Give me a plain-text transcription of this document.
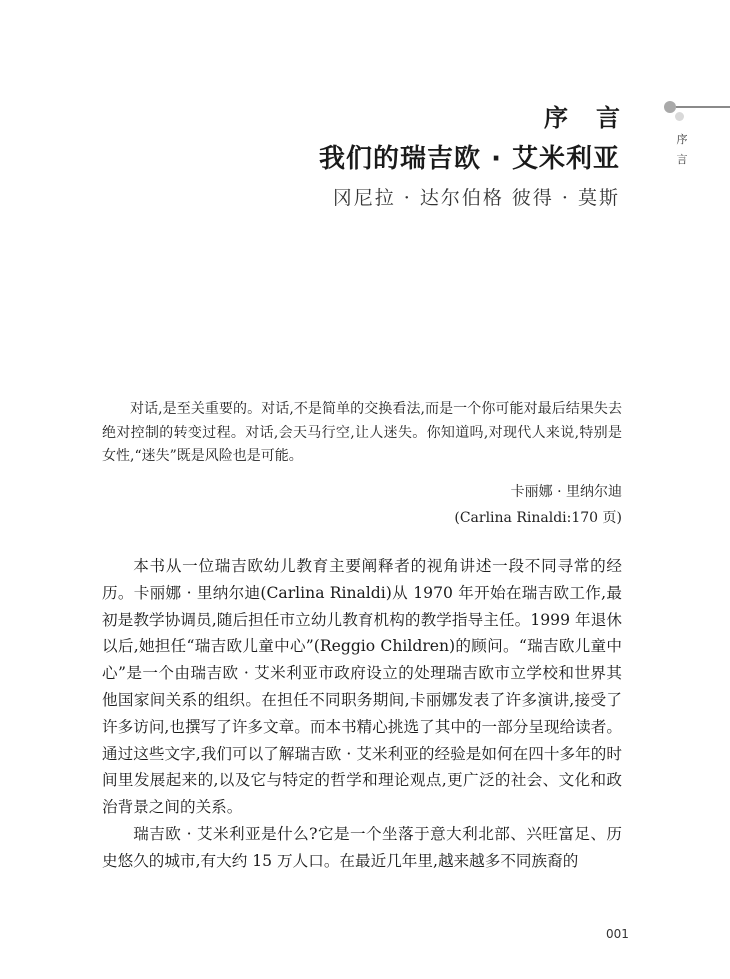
序言
我们的瑞吉欧 · 艾米利亚
冈尼拉 · 达尔伯格 彼得 · 莫斯
序言

对话,是至关重要的。对话,不是简单的交换看法,而是一个你可能对最后结果失去绝对控制的转变过程。对话,会天马行空,让人迷失。你知道吗,对现代人来说,特别是女性,“迷失”既是风险也是可能。

卡丽娜 · 里纳尔迪
(Carlina Rinaldi:170 页)

本书从一位瑞吉欧幼儿教育主要阐释者的视角讲述一段不同寻常的经历。卡丽娜 · 里纳尔迪(Carlina Rinaldi)从 1970 年开始在瑞吉欧工作,最初是教学协调员,随后担任市立幼儿教育机构的教学指导主任。1999 年退休以后,她担任“瑞吉欧儿童中心”(Reggio Children)的顾问。“瑞吉欧儿童中心”是一个由瑞吉欧 · 艾米利亚市政府设立的处理瑞吉欧市立学校和世界其他国家间关系的组织。在担任不同职务期间,卡丽娜发表了许多演讲,接受了许多访问,也撰写了许多文章。而本书精心挑选了其中的一部分呈现给读者。通过这些文字,我们可以了解瑞吉欧 · 艾米利亚的经验是如何在四十多年的时间里发展起来的,以及它与特定的哲学和理论观点,更广泛的社会、文化和政治背景之间的关系。

瑞吉欧 · 艾米利亚是什么?它是一个坐落于意大利北部、兴旺富足、历史悠久的城市,有大约 15 万人口。在最近几年里,越来越多不同族裔的

001
